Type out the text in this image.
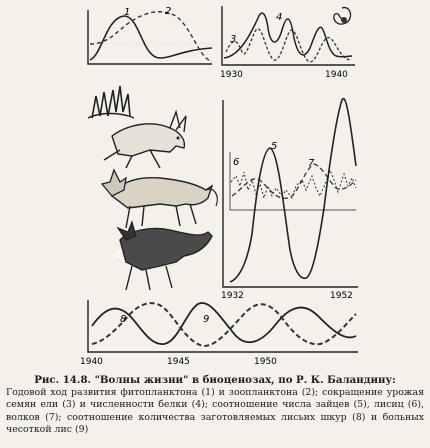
1	2
3
4
1930	1940
5
6	7
1932	1952
8	9
1940	1945	1950
Рис. 14.8. "Волны жизни" в биоценозах, по Р. К. Баландину:
Годовой ход развития фитопланктона (1) и зоопланктона (2); сокращение урожая семян ели (3) и численности белки (4); соотношение числа зайцев (5), лисиц (6), волков (7); соотношение количества заготовляемых лисьих шкур (8) и больных чесоткой лис (9)
